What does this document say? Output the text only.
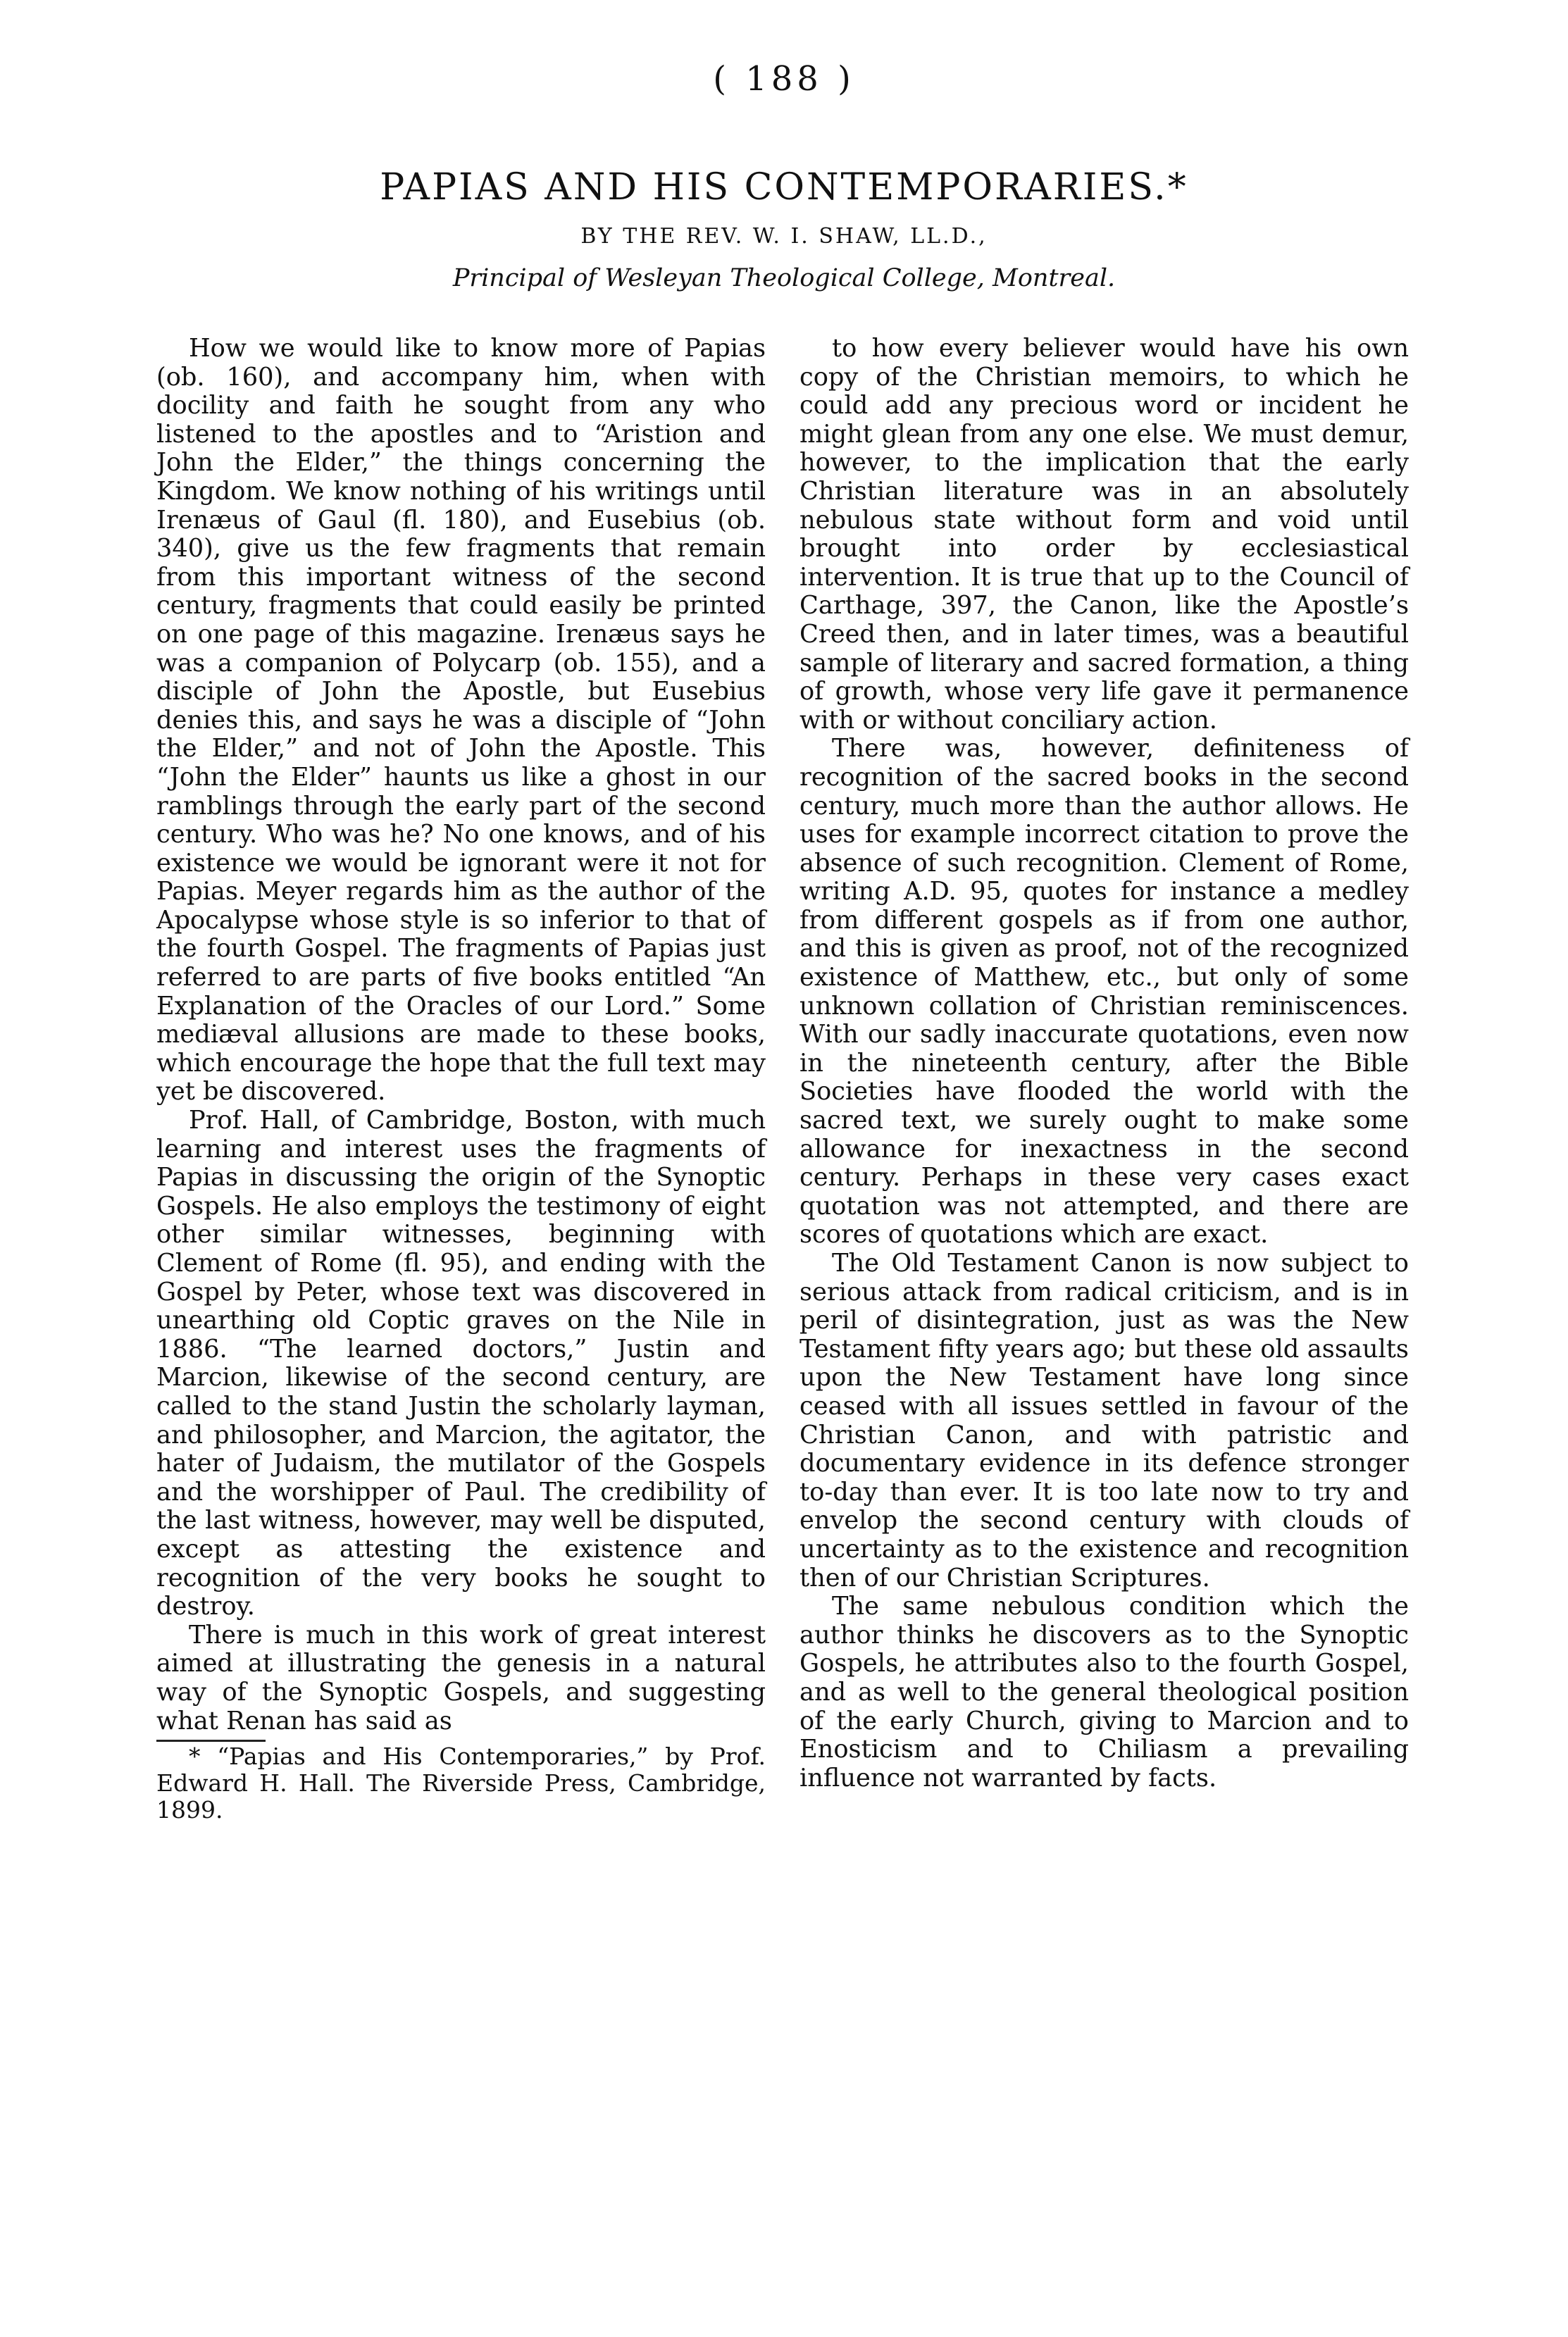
( 188 )
PAPIAS AND HIS CONTEMPORARIES.*
BY THE REV. W. I. SHAW, LL.D.,
Principal of Wesleyan Theological College, Montreal.

How we would like to know more of Papias (ob. 160), and accompany him, when with docility and faith he sought from any who listened to the apostles and to “Aristion and John the Elder,” the things concerning the Kingdom. We know nothing of his writings until Irenæus of Gaul (fl. 180), and Eusebius (ob. 340), give us the few fragments that remain from this important witness of the second century, fragments that could easily be printed on one page of this magazine. Irenæus says he was a companion of Polycarp (ob. 155), and a disciple of John the Apostle, but Eusebius denies this, and says he was a disciple of “John the Elder,” and not of John the Apostle. This “John the Elder” haunts us like a ghost in our ramblings through the early part of the second century. Who was he? No one knows, and of his existence we would be ignorant were it not for Papias. Meyer regards him as the author of the Apocalypse whose style is so inferior to that of the fourth Gospel. The fragments of Papias just referred to are parts of five books entitled “An Explanation of the Oracles of our Lord.” Some mediæval allusions are made to these books, which encourage the hope that the full text may yet be discovered.

Prof. Hall, of Cambridge, Boston, with much learning and interest uses the fragments of Papias in discussing the origin of the Synoptic Gospels. He also employs the testimony of eight other similar witnesses, beginning with Clement of Rome (fl. 95), and ending with the Gospel by Peter, whose text was discovered in unearthing old Coptic graves on the Nile in 1886. “The learned doctors,” Justin and Marcion, likewise of the second century, are called to the stand Justin the scholarly layman, and philosopher, and Marcion, the agitator, the hater of Judaism, the mutilator of the Gospels and the worshipper of Paul. The credibility of the last witness, however, may well be disputed, except as attesting the existence and recognition of the very books he sought to destroy.

There is much in this work of great interest aimed at illustrating the genesis in a natural way of the Synoptic Gospels, and suggesting what Renan has said as

* “Papias and His Contemporaries,” by Prof. Edward H. Hall. The Riverside Press, Cambridge, 1899.

to how every believer would have his own copy of the Christian memoirs, to which he could add any precious word or incident he might glean from any one else. We must demur, however, to the implication that the early Christian literature was in an absolutely nebulous state without form and void until brought into order by ecclesiastical intervention. It is true that up to the Council of Carthage, 397, the Canon, like the Apostle’s Creed then, and in later times, was a beautiful sample of literary and sacred formation, a thing of growth, whose very life gave it permanence with or without conciliary action.

There was, however, definiteness of recognition of the sacred books in the second century, much more than the author allows. He uses for example incorrect citation to prove the absence of such recognition. Clement of Rome, writing A.D. 95, quotes for instance a medley from different gospels as if from one author, and this is given as proof, not of the recognized existence of Matthew, etc., but only of some unknown collation of Christian reminiscences. With our sadly inaccurate quotations, even now in the nineteenth century, after the Bible Societies have flooded the world with the sacred text, we surely ought to make some allowance for inexactness in the second century. Perhaps in these very cases exact quotation was not attempted, and there are scores of quotations which are exact.

The Old Testament Canon is now subject to serious attack from radical criticism, and is in peril of disintegration, just as was the New Testament fifty years ago; but these old assaults upon the New Testament have long since ceased with all issues settled in favour of the Christian Canon, and with patristic and documentary evidence in its defence stronger to-day than ever. It is too late now to try and envelop the second century with clouds of uncertainty as to the existence and recognition then of our Christian Scriptures.

The same nebulous condition which the author thinks he discovers as to the Synoptic Gospels, he attributes also to the fourth Gospel, and as well to the general theological position of the early Church, giving to Marcion and to Enosticism and to Chiliasm a prevailing influence not warranted by facts.
